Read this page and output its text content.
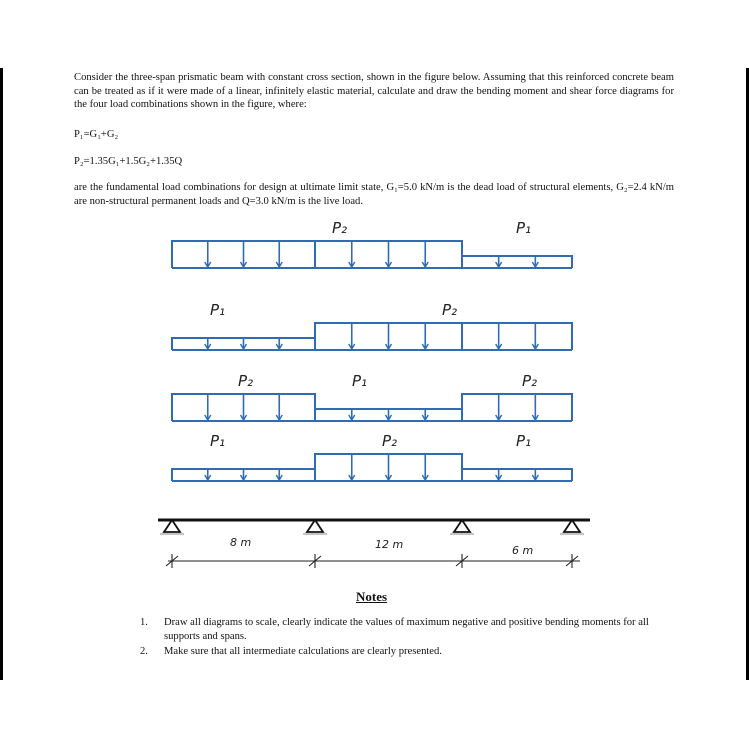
Consider the three-span prismatic beam with constant cross section, shown in the figure below. Assuming that this reinforced concrete beam can be treated as if it were made of a linear, infinitely elastic material, calculate and draw the bending moment and shear force diagrams for the four load combinations shown in the figure, where:

P₁=G₁+G₂

P₂=1.35G₁+1.5G₂+1.35Q

are the fundamental load combinations for design at ultimate limit state, G₁=5.0 kN/m is the dead load of structural elements, G₂=2.4 kN/m are non-structural permanent loads and Q=3.0 kN/m is the live load.

P₂	P₁
P₁	P₂
P₂	P₁	P₂
P₁	P₂	P₁
8 m	12 m	6 m

Notes

1. Draw all diagrams to scale, clearly indicate the values of maximum negative and positive bending moments for all supports and spans.
2. Make sure that all intermediate calculations are clearly presented.
